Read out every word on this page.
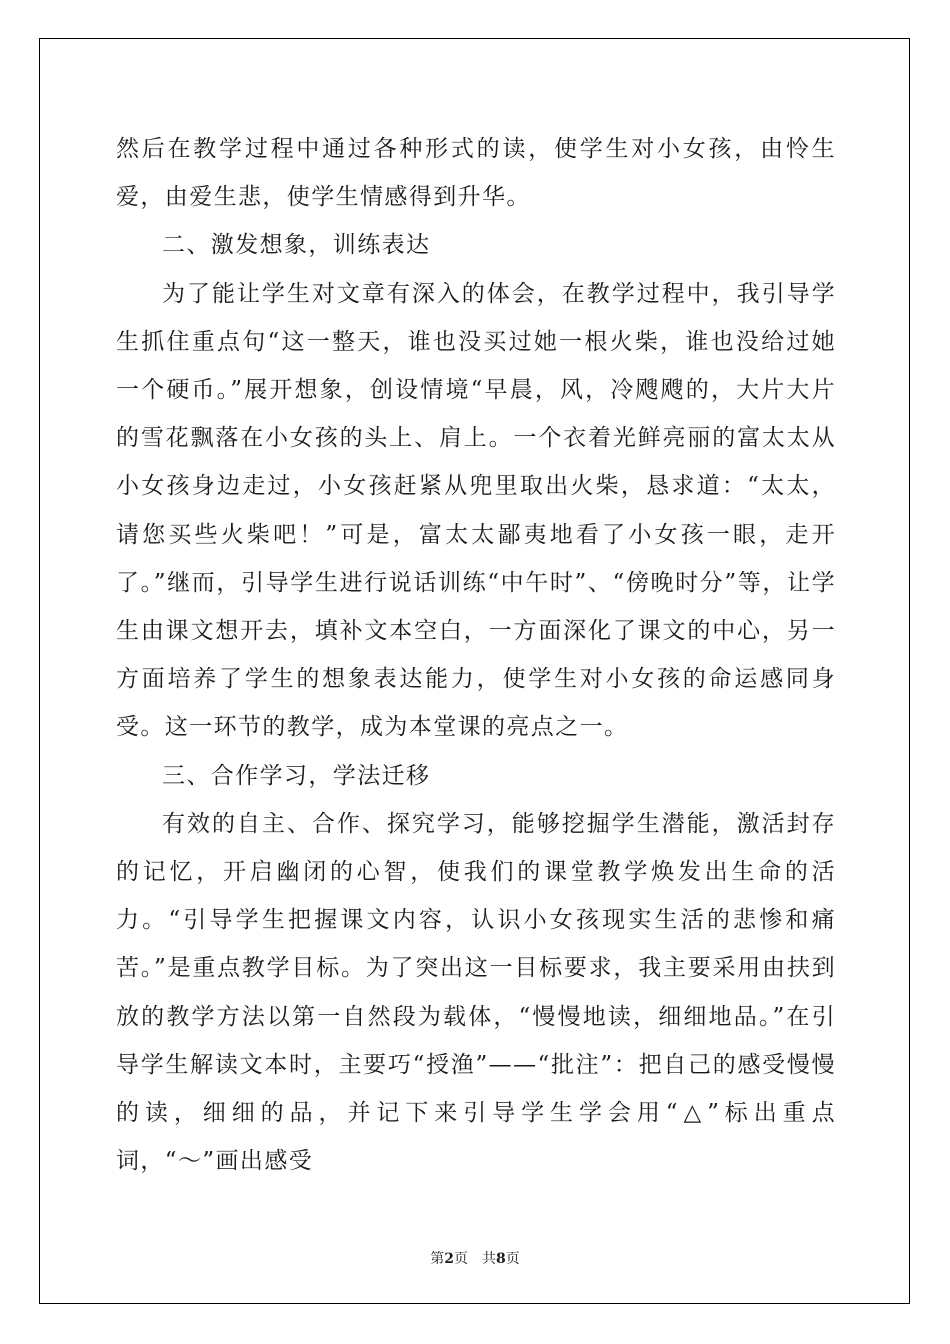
然后在教学过程中通过各种形式的读，使学生对小女孩，由怜生爱，由爱生悲，使学生情感得到升华。

二、激发想象，训练表达

为了能让学生对文章有深入的体会，在教学过程中，我引导学生抓住重点句“这一整天，谁也没买过她一根火柴，谁也没给过她一个硬币。”展开想象，创设情境“早晨，风，冷飕飕的，大片大片的雪花飘落在小女孩的头上、肩上。一个衣着光鲜亮丽的富太太从小女孩身边走过，小女孩赶紧从兜里取出火柴，恳求道：“太太，请您买些火柴吧！”可是，富太太鄙夷地看了小女孩一眼，走开了。”继而，引导学生进行说话训练“中午时”、“傍晚时分”等，让学生由课文想开去，填补文本空白，一方面深化了课文的中心，另一方面培养了学生的想象表达能力，使学生对小女孩的命运感同身受。这一环节的教学，成为本堂课的亮点之一。

三、合作学习，学法迁移

有效的自主、合作、探究学习，能够挖掘学生潜能，激活封存的记忆，开启幽闭的心智，使我们的课堂教学焕发出生命的活力。“引导学生把握课文内容，认识小女孩现实生活的悲惨和痛苦。”是重点教学目标。为了突出这一目标要求，我主要采用由扶到放的教学方法以第一自然段为载体，“慢慢地读，细细地品。”在引导学生解读文本时，主要巧“授渔”——“批注”：把自己的感受慢慢的读，细细的品，并记下来引导学生学会用“△”标出重点词，“～”画出感受

第2页 共8页
